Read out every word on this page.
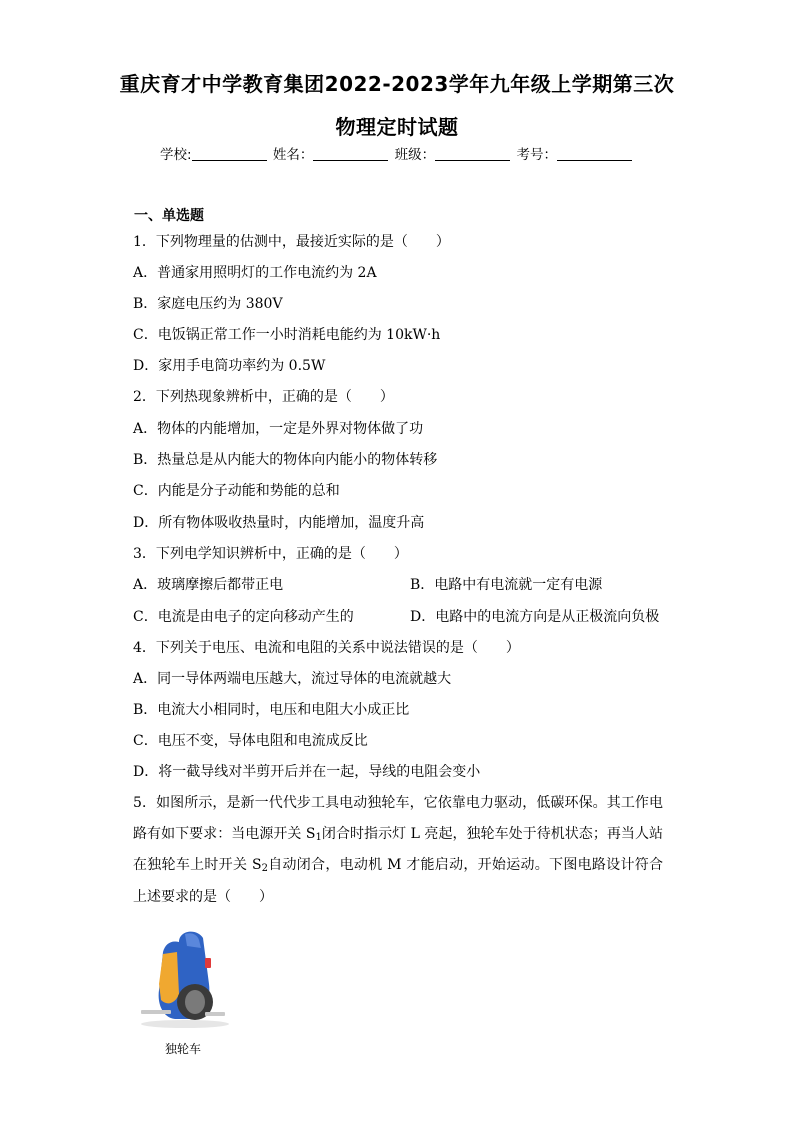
重庆育才中学教育集团2022-2023学年九年级上学期第三次
物理定时试题
学校:	姓名：	班级：	考号：
一、单选题
1．下列物理量的估测中，最接近实际的是（　　）
A．普通家用照明灯的工作电流约为 2A
B．家庭电压约为 380V
C．电饭锅正常工作一小时消耗电能约为 10kW·h
D．家用手电筒功率约为 0.5W
2．下列热现象辨析中，正确的是（　　）
A．物体的内能增加，一定是外界对物体做了功
B．热量总是从内能大的物体向内能小的物体转移
C．内能是分子动能和势能的总和
D．所有物体吸收热量时，内能增加，温度升高
3．下列电学知识辨析中，正确的是（　　）
A．玻璃摩擦后都带正电	B．电路中有电流就一定有电源
C．电流是由电子的定向移动产生的	D．电路中的电流方向是从正极流向负极
4．下列关于电压、电流和电阻的关系中说法错误的是（　　）
A．同一导体两端电压越大，流过导体的电流就越大
B．电流大小相同时，电压和电阻大小成正比
C．电压不变，导体电阻和电流成反比
D．将一截导线对半剪开后并在一起，导线的电阻会变小
5．如图所示，是新一代代步工具电动独轮车，它依靠电力驱动，低碳环保。其工作电路有如下要求：当电源开关 $S_1$闭合时指示灯 L 亮起，独轮车处于待机状态；再当人站在独轮车上时开关 $S_2$自动闭合，电动机 M 才能启动，开始运动。下图电路设计符合上述要求的是（　　）
独轮车
